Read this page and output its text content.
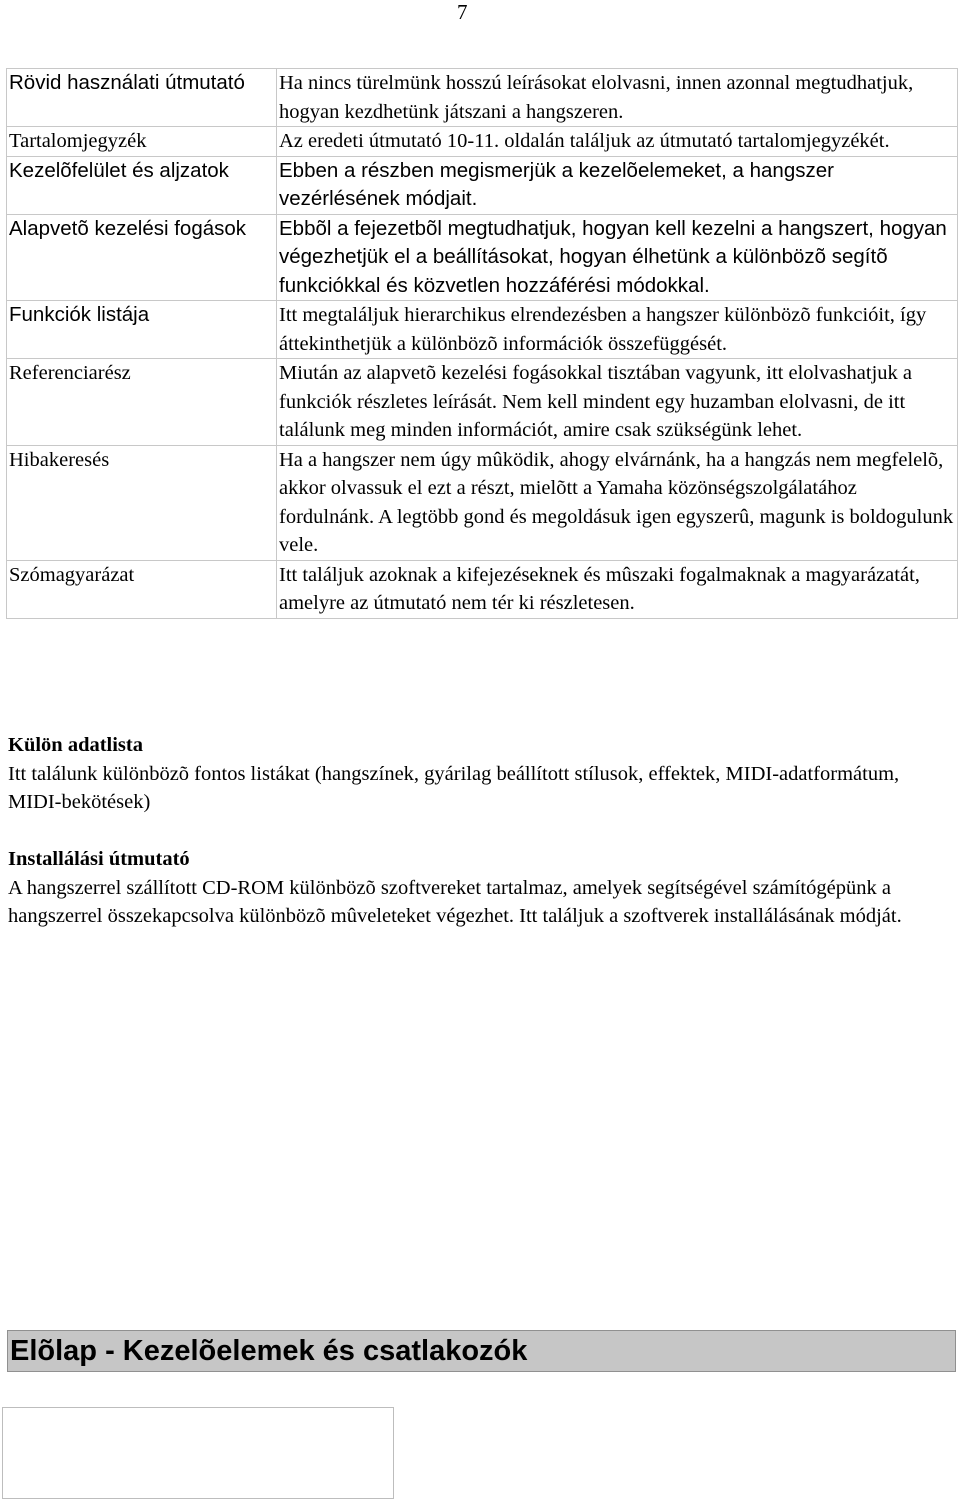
7
Rövid használati útmutató	Ha nincs türelmünk hosszú leírásokat elolvasni, innen azonnal megtudhatjuk, hogyan kezdhetünk játszani a hangszeren.
Tartalomjegyzék	Az eredeti útmutató 10-11. oldalán találjuk az útmutató tartalomjegyzékét.
Kezelõfelület és aljzatok	Ebben a részben megismerjük a kezelõelemeket, a hangszer vezérlésének módjait.
Alapvetõ kezelési fogások	Ebbõl a fejezetbõl megtudhatjuk, hogyan kell kezelni a hangszert, hogyan végezhetjük el a beállításokat, hogyan élhetünk a különbözõ segítõ funkciókkal és közvetlen hozzáférési módokkal.
Funkciók listája	Itt megtaláljuk hierarchikus elrendezésben a hangszer különbözõ funkcióit, így áttekinthetjük a különbözõ információk összefüggését.
Referenciarész	Miután az alapvetõ kezelési fogásokkal tisztában vagyunk, itt elolvashatjuk a funkciók részletes leírását. Nem kell mindent egy huzamban elolvasni, de itt találunk meg minden információt, amire csak szükségünk lehet.
Hibakeresés	Ha a hangszer nem úgy mûködik, ahogy elvárnánk, ha a hangzás nem megfelelõ, akkor olvassuk el ezt a részt, mielõtt a Yamaha közönségszolgálatához fordulnánk. A legtöbb gond és megoldásuk igen egyszerû, magunk is boldogulunk vele.
Szómagyarázat	Itt találjuk azoknak a kifejezéseknek és mûszaki fogalmaknak a magyarázatát, amelyre az útmutató nem tér ki részletesen.
Külön adatlista

Itt találunk különbözõ fontos listákat (hangszínek, gyárilag beállított stílusok, effektek, MIDI-adatformátum, MIDI-bekötések)

Installálási útmutató

A hangszerrel szállított CD-ROM különbözõ szoftvereket tartalmaz, amelyek segítségével számítógépünk a hangszerrel összekapcsolva különbözõ mûveleteket végezhet. Itt találjuk a szoftverek installálásának módját.

Elõlap - Kezelõelemek és csatlakozók
